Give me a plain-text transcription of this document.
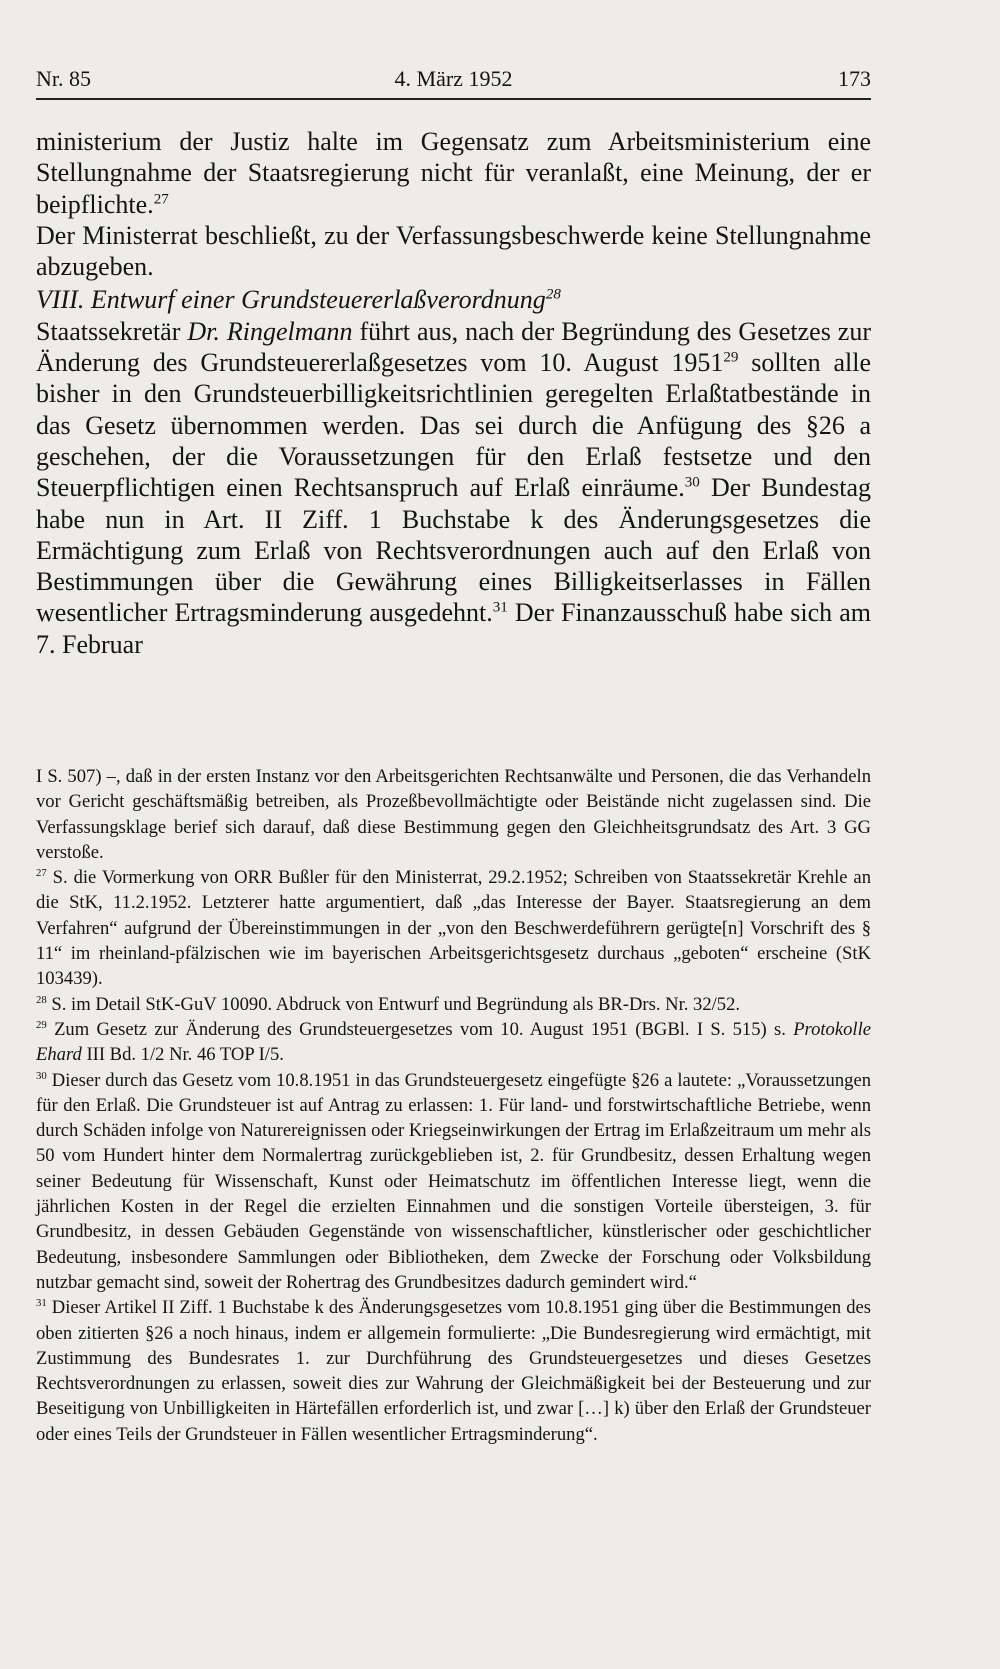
Nr. 85	4. März 1952	173

ministerium der Justiz halte im Gegensatz zum Arbeitsministerium eine Stellungnahme der Staatsregierung nicht für veranlaßt, eine Meinung, der er beipflichte.$^{27}$

Der Ministerrat beschließt, zu der Verfassungsbeschwerde keine Stellungnahme abzugeben.

VIII. Entwurf einer Grundsteuererlaßverordnung$^{28}$

Staatssekretär Dr. Ringelmann führt aus, nach der Begründung des Gesetzes zur Änderung des Grundsteuererlaßgesetzes vom 10. August 1951$^{29}$ sollten alle bisher in den Grundsteuerbilligkeitsrichtlinien geregelten Erlaßtatbestände in das Gesetz übernommen werden. Das sei durch die Anfügung des §26 a geschehen, der die Voraussetzungen für den Erlaß festsetze und den Steuerpflichtigen einen Rechtsanspruch auf Erlaß einräume.$^{30}$ Der Bundestag habe nun in Art. II Ziff. 1 Buchstabe k des Änderungsgesetzes die Ermächtigung zum Erlaß von Rechtsverordnungen auch auf den Erlaß von Bestimmungen über die Gewährung eines Billigkeitserlasses in Fällen wesentlicher Ertragsminderung ausgedehnt.$^{31}$ Der Finanzausschuß habe sich am 7. Februar

I S. 507) –, daß in der ersten Instanz vor den Arbeitsgerichten Rechtsanwälte und Personen, die das Verhandeln vor Gericht geschäftsmäßig betreiben, als Prozeßbevollmächtigte oder Beistände nicht zugelassen sind. Die Verfassungsklage berief sich darauf, daß diese Bestimmung gegen den Gleichheitsgrundsatz des Art. 3 GG verstoße.

$^{27}$ S. die Vormerkung von ORR Bußler für den Ministerrat, 29.2.1952; Schreiben von Staatssekretär Krehle an die StK, 11.2.1952. Letzterer hatte argumentiert, daß „das Interesse der Bayer. Staatsregierung an dem Verfahren“ aufgrund der Übereinstimmungen in der „von den Beschwerdeführern gerügte[n] Vorschrift des § 11“ im rheinland-pfälzischen wie im bayerischen Arbeitsgerichtsgesetz durchaus „geboten“ erscheine (StK 103439).

$^{28}$ S. im Detail StK-GuV 10090. Abdruck von Entwurf und Begründung als BR-Drs. Nr. 32/52.

$^{29}$ Zum Gesetz zur Änderung des Grundsteuergesetzes vom 10. August 1951 (BGBl. I S. 515) s. Protokolle Ehard III Bd. 1/2 Nr. 46 TOP I/5.

$^{30}$ Dieser durch das Gesetz vom 10.8.1951 in das Grundsteuergesetz eingefügte §26 a lautete: „Voraussetzungen für den Erlaß. Die Grundsteuer ist auf Antrag zu erlassen: 1. Für land- und forstwirtschaftliche Betriebe, wenn durch Schäden infolge von Naturereignissen oder Kriegseinwirkungen der Ertrag im Erlaßzeitraum um mehr als 50 vom Hundert hinter dem Normalertrag zurückgeblieben ist, 2. für Grundbesitz, dessen Erhaltung wegen seiner Bedeutung für Wissenschaft, Kunst oder Heimatschutz im öffentlichen Interesse liegt, wenn die jährlichen Kosten in der Regel die erzielten Einnahmen und die sonstigen Vorteile übersteigen, 3. für Grundbesitz, in dessen Gebäuden Gegenstände von wissenschaftlicher, künstlerischer oder geschichtlicher Bedeutung, insbesondere Sammlungen oder Bibliotheken, dem Zwecke der Forschung oder Volksbildung nutzbar gemacht sind, soweit der Rohertrag des Grundbesitzes dadurch gemindert wird.“

$^{31}$ Dieser Artikel II Ziff. 1 Buchstabe k des Änderungsgesetzes vom 10.8.1951 ging über die Bestimmungen des oben zitierten §26 a noch hinaus, indem er allgemein formulierte: „Die Bundesregierung wird ermächtigt, mit Zustimmung des Bundesrates 1. zur Durchführung des Grundsteuergesetzes und dieses Gesetzes Rechtsverordnungen zu erlassen, soweit dies zur Wahrung der Gleichmäßigkeit bei der Besteuerung und zur Beseitigung von Unbilligkeiten in Härtefällen erforderlich ist, und zwar […] k) über den Erlaß der Grundsteuer oder eines Teils der Grundsteuer in Fällen wesentlicher Ertragsminderung“.
